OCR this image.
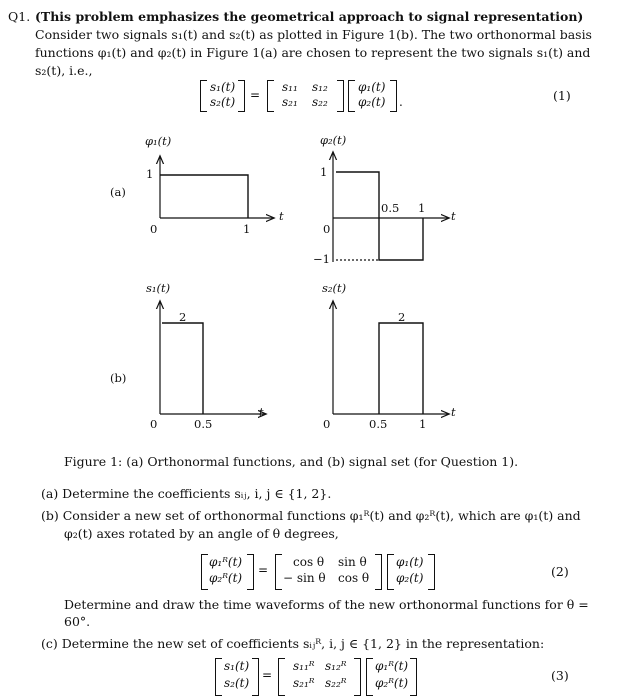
Q1. (This problem emphasizes the geometrical approach to signal representation)
Consider two signals s₁(t) and s₂(t) as plotted in Figure 1(b). The two orthonormal basis
functions φ₁(t) and φ₂(t) in Figure 1(a) are chosen to represent the two signals s₁(t) and
s₂(t), i.e.,
s₁(t)
s₂(t) =
s₁₁ s₁₂
s₂₁ s₂₂
φ₁(t)
φ₂(t) .	(1)
(a)
(b)
φ₁(t)
1
0	1
t
φ₂(t)
1
0
−1
0.5 1
t
s₁(t)
2
0	0.5
t
s₂(t)
2
0	0.5	1
t
Figure 1: (a) Orthonormal functions, and (b) signal set (for Question 1).
(a) Determine the coefficients sᵢⱼ, i, j ∈ {1, 2}.
(b) Consider a new set of orthonormal functions φ₁ᴿ(t) and φ₂ᴿ(t), which are φ₁(t) and
φ₂(t) axes rotated by an angle of θ degrees,
φ₁ᴿ(t)
φ₂ᴿ(t)
=
cos θ sin θ
− sin θ cos θ
φ₁(t)
φ₂(t)	(2)
Determine and draw the time waveforms of the new orthonormal functions for θ =
60°.
(c) Determine the new set of coefficients sᵢⱼᴿ, i, j ∈ {1, 2} in the representation:
s₁(t)
s₂(t)
=
s₁₁ᴿ s₁₂ᴿ
s₂₁ᴿ s₂₂ᴿ
φ₁ᴿ(t)
φ₂ᴿ(t)	(3)
